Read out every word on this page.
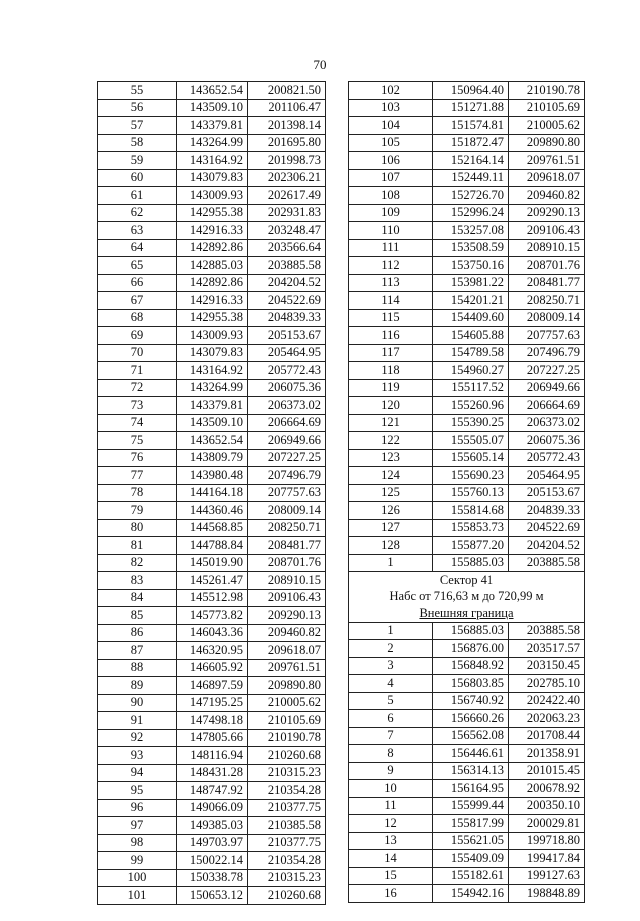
70
55	143652.54	200821.50
56	143509.10	201106.47
57	143379.81	201398.14
58	143264.99	201695.80
59	143164.92	201998.73
60	143079.83	202306.21
61	143009.93	202617.49
62	142955.38	202931.83
63	142916.33	203248.47
64	142892.86	203566.64
65	142885.03	203885.58
66	142892.86	204204.52
67	142916.33	204522.69
68	142955.38	204839.33
69	143009.93	205153.67
70	143079.83	205464.95
71	143164.92	205772.43
72	143264.99	206075.36
73	143379.81	206373.02
74	143509.10	206664.69
75	143652.54	206949.66
76	143809.79	207227.25
77	143980.48	207496.79
78	144164.18	207757.63
79	144360.46	208009.14
80	144568.85	208250.71
81	144788.84	208481.77
82	145019.90	208701.76
83	145261.47	208910.15
84	145512.98	209106.43
85	145773.82	209290.13
86	146043.36	209460.82
87	146320.95	209618.07
88	146605.92	209761.51
89	146897.59	209890.80
90	147195.25	210005.62
91	147498.18	210105.69
92	147805.66	210190.78
93	148116.94	210260.68
94	148431.28	210315.23
95	148747.92	210354.28
96	149066.09	210377.75
97	149385.03	210385.58
98	149703.97	210377.75
99	150022.14	210354.28
100	150338.78	210315.23
101	150653.12	210260.68
102	150964.40	210190.78
103	151271.88	210105.69
104	151574.81	210005.62
105	151872.47	209890.80
106	152164.14	209761.51
107	152449.11	209618.07
108	152726.70	209460.82
109	152996.24	209290.13
110	153257.08	209106.43
111	153508.59	208910.15
112	153750.16	208701.76
113	153981.22	208481.77
114	154201.21	208250.71
115	154409.60	208009.14
116	154605.88	207757.63
117	154789.58	207496.79
118	154960.27	207227.25
119	155117.52	206949.66
120	155260.96	206664.69
121	155390.25	206373.02
122	155505.07	206075.36
123	155605.14	205772.43
124	155690.23	205464.95
125	155760.13	205153.67
126	155814.68	204839.33
127	155853.73	204522.69
128	155877.20	204204.52
1	155885.03	203885.58
Сектор 41		
Набс от 716,63 м до 720,99 м		
Внешняя граница		
1	156885.03	203885.58
2	156876.00	203517.57
3	156848.92	203150.45
4	156803.85	202785.10
5	156740.92	202422.40
6	156660.26	202063.23
7	156562.08	201708.44
8	156446.61	201358.91
9	156314.13	201015.45
10	156164.95	200678.92
11	155999.44	200350.10
12	155817.99	200029.81
13	155621.05	199718.80
14	155409.09	199417.84
15	155182.61	199127.63
16	154942.16	198848.89
